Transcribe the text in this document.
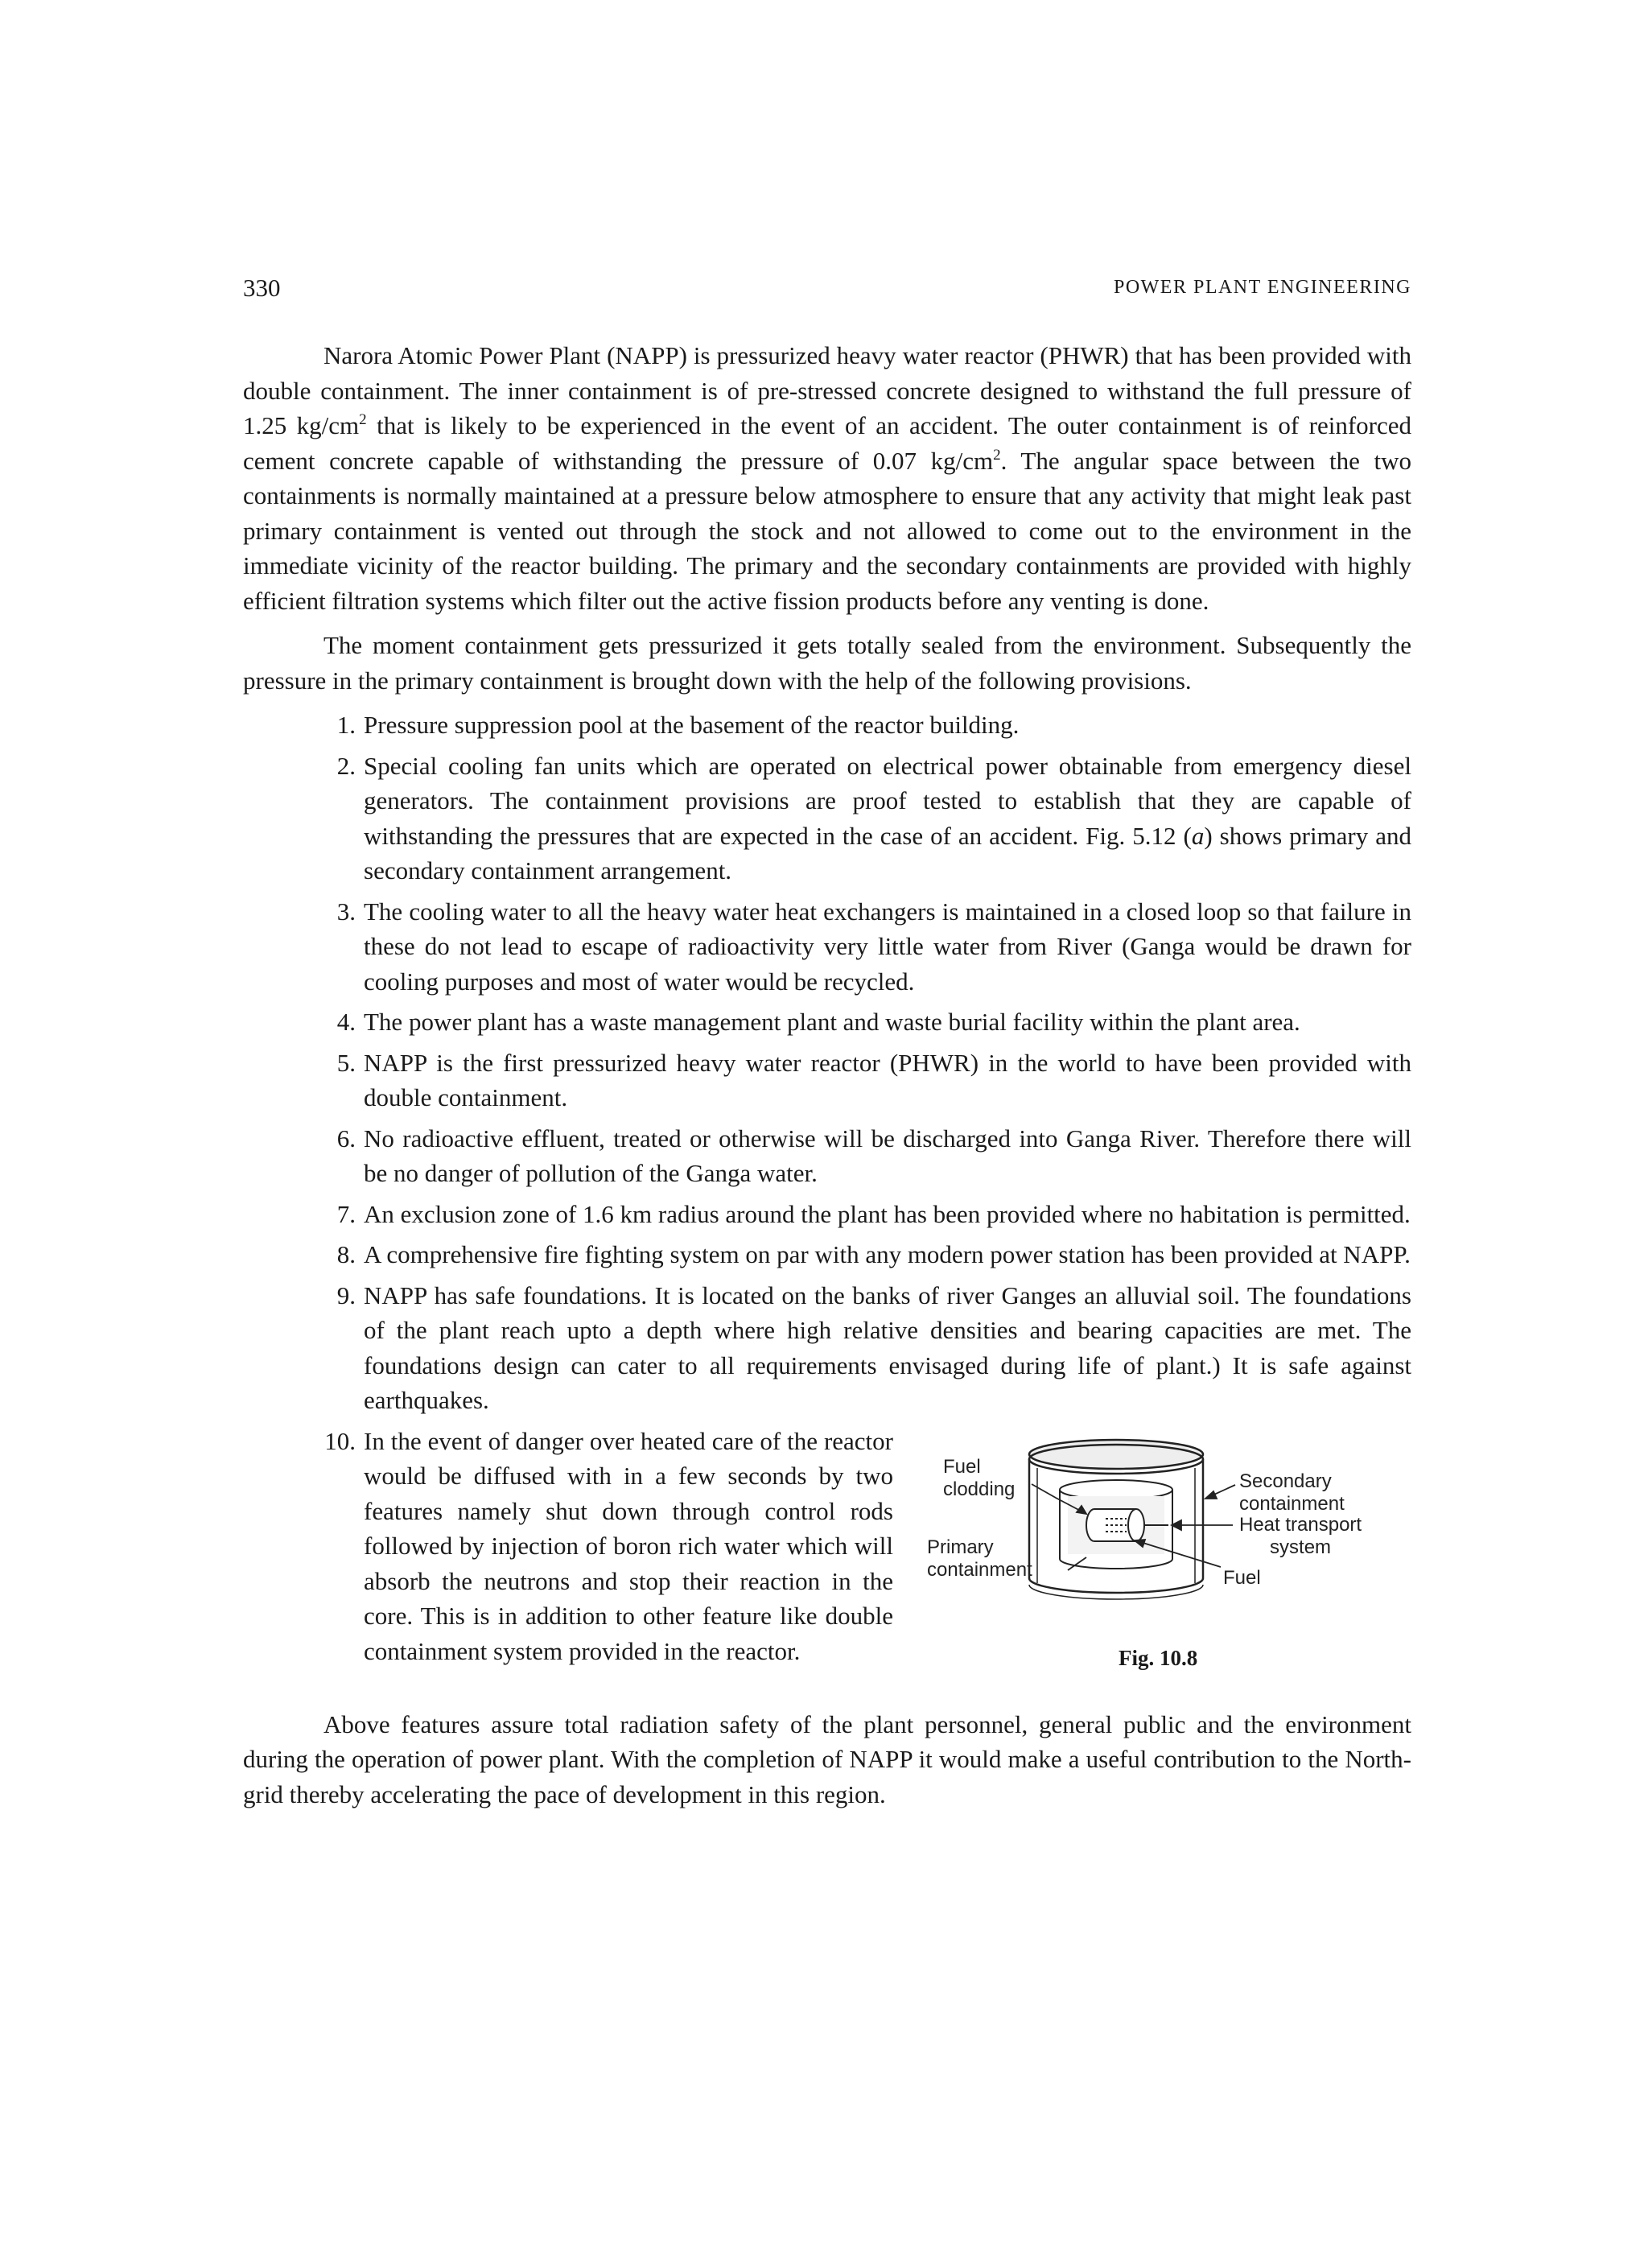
330	POWER PLANT ENGINEERING

Narora Atomic Power Plant (NAPP) is pressurized heavy water reactor (PHWR) that has been provided with double containment. The inner containment is of pre-stressed concrete designed to withstand the full pressure of 1.25 $kg/cm^2$ that is likely to be experienced in the event of an accident. The outer containment is of reinforced cement concrete capable of withstanding the pressure of 0.07 $kg/cm^2$. The angular space between the two containments is normally maintained at a pressure below atmosphere to ensure that any activity that might leak past primary containment is vented out through the stock and not allowed to come out to the environment in the immediate vicinity of the reactor building. The primary and the secondary containments are provided with highly efficient filtration systems which filter out the active fission products before any venting is done.

The moment containment gets pressurized it gets totally sealed from the environment. Subsequently the pressure in the primary containment is brought down with the help of the following provisions.

1. Pressure suppression pool at the basement of the reactor building.
2. Special cooling fan units which are operated on electrical power obtainable from emergency diesel generators. The containment provisions are proof tested to establish that they are capable of withstanding the pressures that are expected in the case of an accident. Fig. 5.12 (a) shows primary and secondary containment arrangement.
3. The cooling water to all the heavy water heat exchangers is maintained in a closed loop so that failure in these do not lead to escape of radioactivity very little water from River (Ganga would be drawn for cooling purposes and most of water would be recycled.
4. The power plant has a waste management plant and waste burial facility within the plant area.
5. NAPP is the first pressurized heavy water reactor (PHWR) in the world to have been provided with double containment.
6. No radioactive effluent, treated or otherwise will be discharged into Ganga River. Therefore there will be no danger of pollution of the Ganga water.
7. An exclusion zone of 1.6 km radius around the plant has been provided where no habitation is permitted.
8. A comprehensive fire fighting system on par with any modern power station has been provided at NAPP.
9. NAPP has safe foundations. It is located on the banks of river Ganges an alluvial soil. The foundations of the plant reach upto a depth where high relative densities and bearing capacities are met. The foundations design can cater to all requirements envisaged during life of plant.) It is safe against earthquakes.
10. In the event of danger over heated care of the reactor would be diffused with in a few seconds by two features namely shut down through control rods followed by injection of boron rich water which will absorb the neutrons and stop their reaction in the core. This is in addition to other feature like double containment system provided in the reactor.
Fuel
clodding
Primary
containment
Secondary
containment
Heat transport
system
Fuel
Fig. 10.8

Above features assure total radiation safety of the plant personnel, general public and the environment during the operation of power plant. With the completion of NAPP it would make a useful contribution to the North-grid thereby accelerating the pace of development in this region.
